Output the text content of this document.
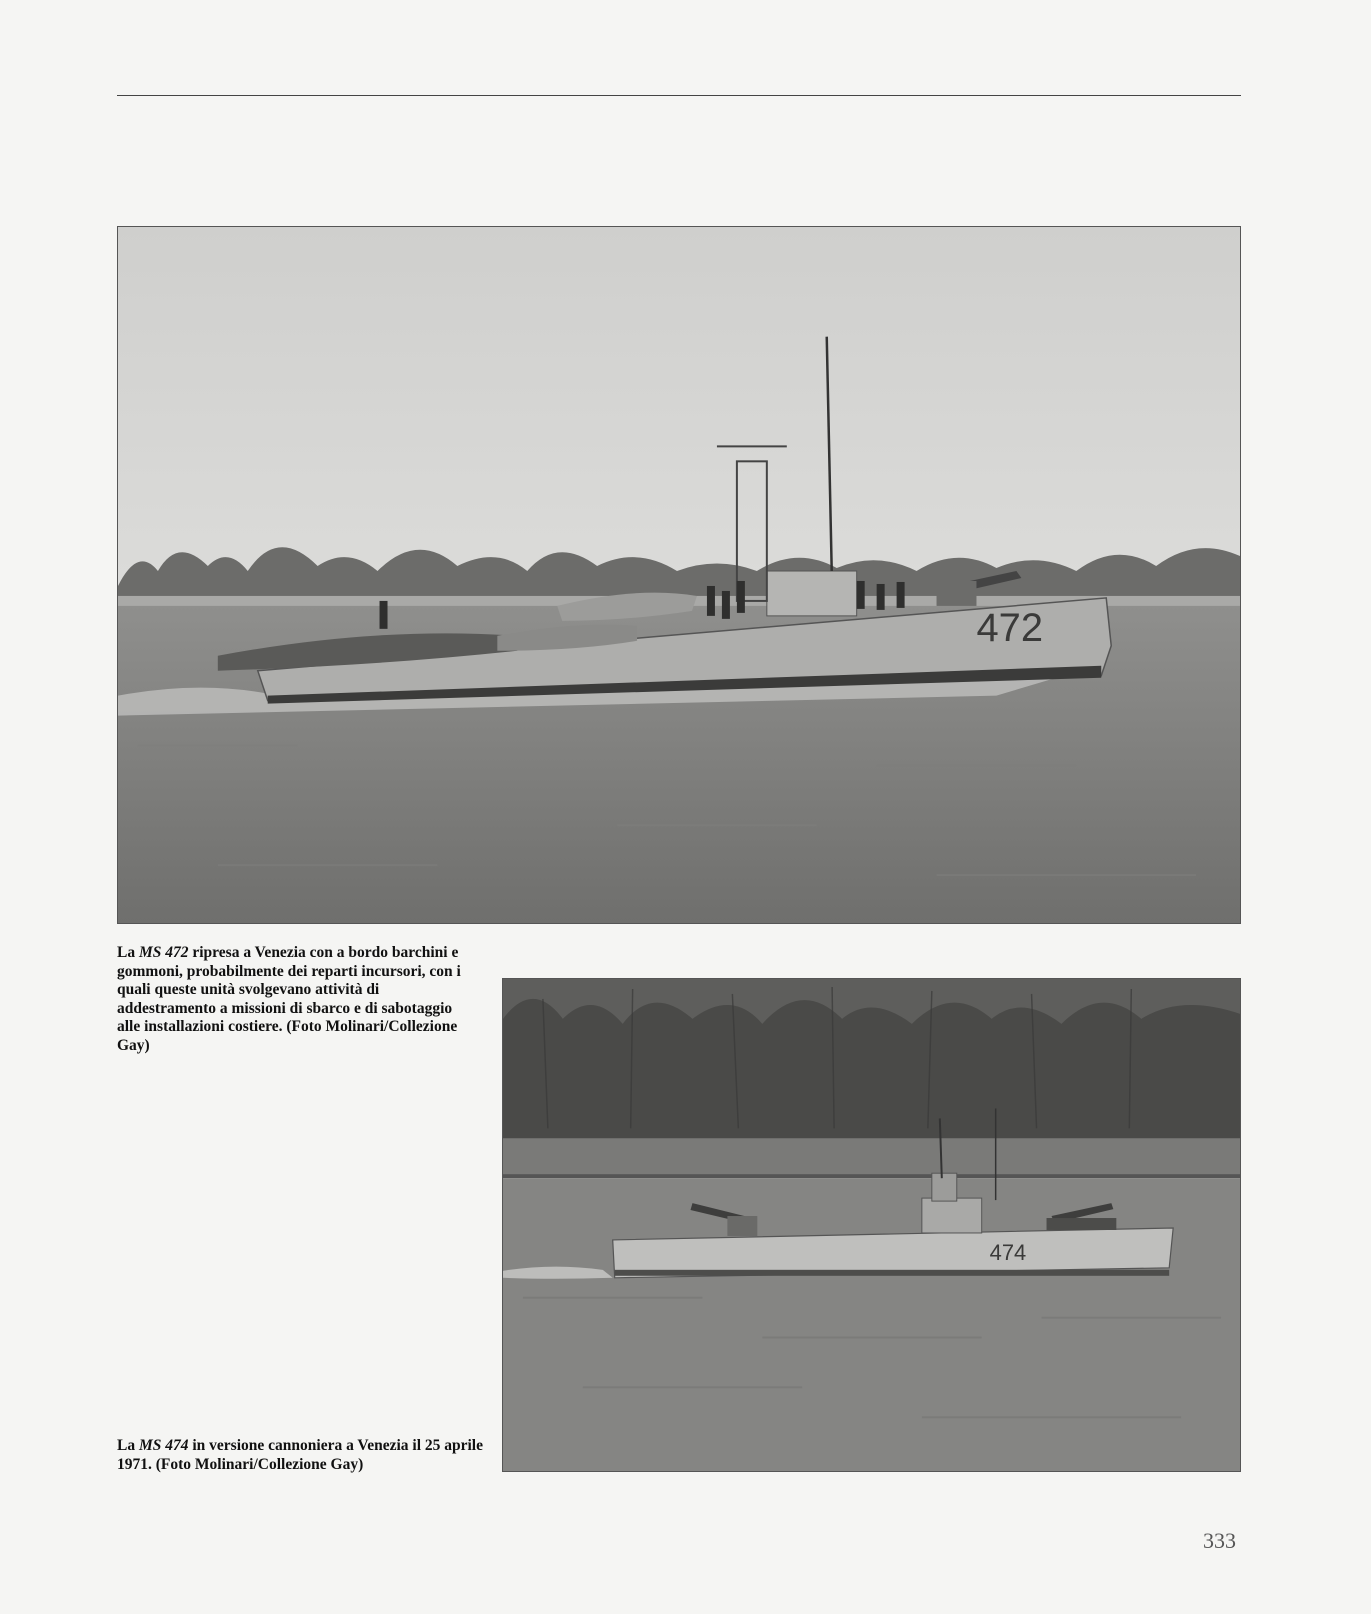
472
La MS 472 ripresa a Venezia con a bordo barchini e gommoni, probabilmente dei reparti incursori, con i quali queste unità svolgevano attività di addestramento a missioni di sbarco e di sabotaggio alle installazioni costiere. (Foto Molinari/Collezione Gay)
474
La MS 474 in versione cannoniera a Venezia il 25 aprile 1971. (Foto Molinari/Collezione Gay)
333
